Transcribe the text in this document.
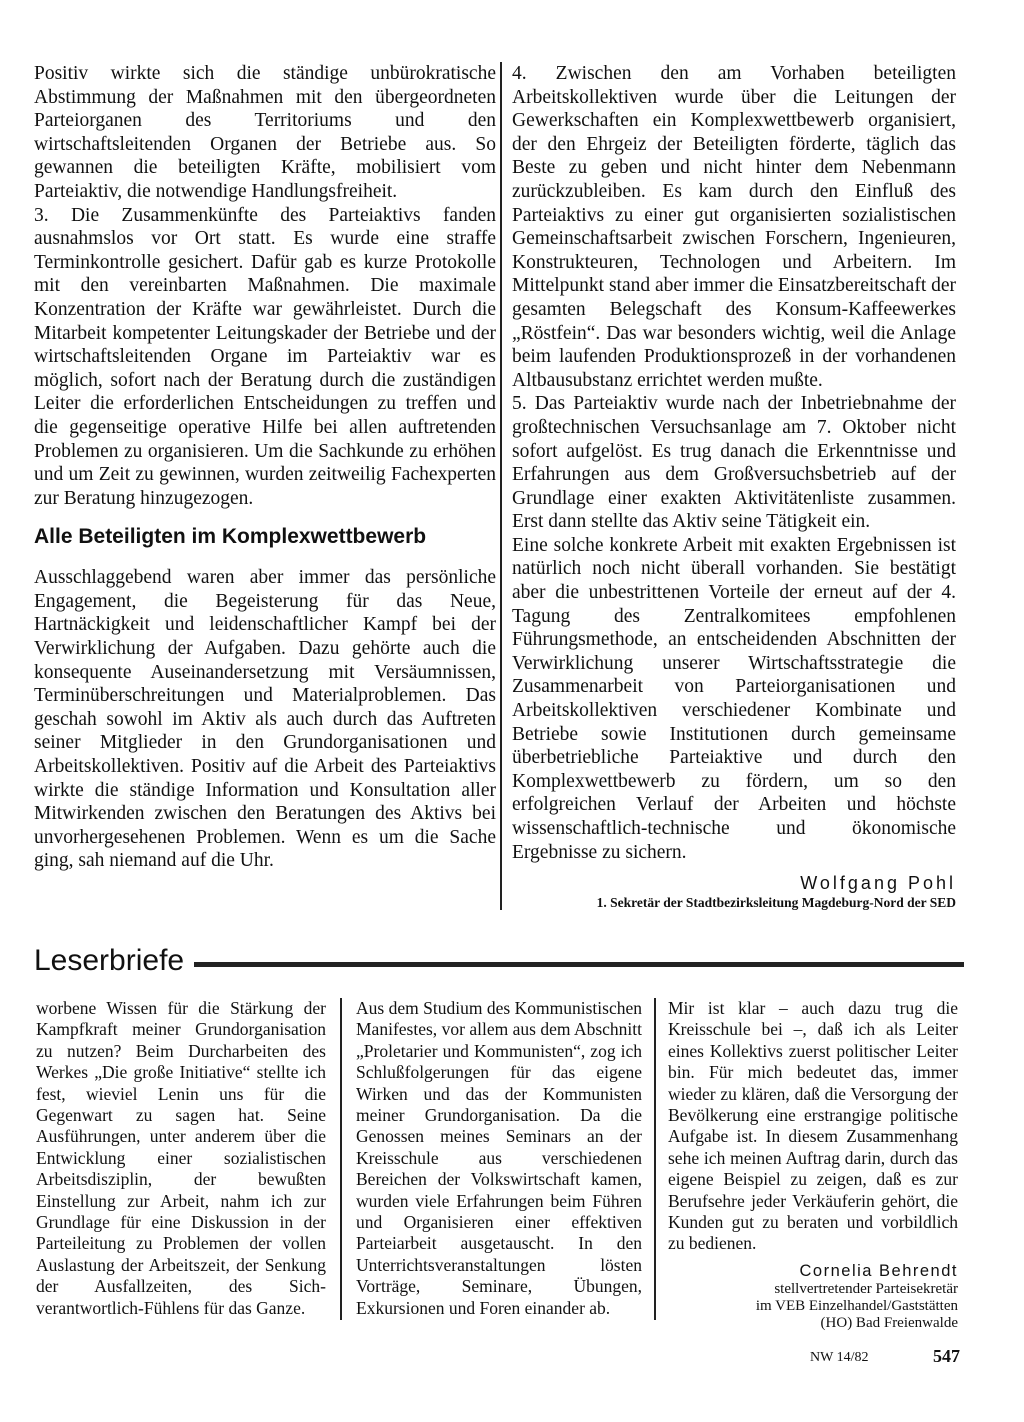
Positiv wirkte sich die ständige unbürokratische Abstimmung der Maßnahmen mit den übergeordneten Parteiorganen des Territoriums und den wirtschaftsleitenden Organen der Betriebe aus. So gewannen die beteiligten Kräfte, mobilisiert vom Parteiaktiv, die notwendige Handlungsfreiheit.

3. Die Zusammenkünfte des Parteiaktivs fanden ausnahmslos vor Ort statt. Es wurde eine straffe Terminkontrolle gesichert. Dafür gab es kurze Protokolle mit den vereinbarten Maßnahmen. Die maximale Konzentration der Kräfte war gewährleistet. Durch die Mitarbeit kompetenter Leitungskader der Betriebe und der wirtschaftsleitenden Organe im Parteiaktiv war es möglich, sofort nach der Beratung durch die zuständigen Leiter die erforderlichen Entscheidungen zu treffen und die gegenseitige operative Hilfe bei allen auftretenden Problemen zu organisieren. Um die Sachkunde zu erhöhen und um Zeit zu gewinnen, wurden zeitweilig Fachexperten zur Beratung hinzugezogen.

Alle Beteiligten im Komplexwettbewerb

Ausschlaggebend waren aber immer das persönliche Engagement, die Begeisterung für das Neue, Hartnäckigkeit und leidenschaftlicher Kampf bei der Verwirklichung der Aufgaben. Dazu gehörte auch die konsequente Auseinandersetzung mit Versäumnissen, Terminüberschreitungen und Materialproblemen. Das geschah sowohl im Aktiv als auch durch das Auftreten seiner Mitglieder in den Grundorganisationen und Arbeitskollektiven. Positiv auf die Arbeit des Parteiaktivs wirkte die ständige Information und Konsultation aller Mitwirkenden zwischen den Beratungen des Aktivs bei unvorhergesehenen Problemen. Wenn es um die Sache ging, sah niemand auf die Uhr.

4. Zwischen den am Vorhaben beteiligten Arbeitskollektiven wurde über die Leitungen der Gewerkschaften ein Komplexwettbewerb organisiert, der den Ehrgeiz der Beteiligten förderte, täglich das Beste zu geben und nicht hinter dem Nebenmann zurückzubleiben. Es kam durch den Einfluß des Parteiaktivs zu einer gut organisierten sozialistischen Gemeinschaftsarbeit zwischen Forschern, Ingenieuren, Konstrukteuren, Technologen und Arbeitern. Im Mittelpunkt stand aber immer die Einsatzbereitschaft der gesamten Belegschaft des Konsum-Kaffeewerkes „Röstfein“. Das war besonders wichtig, weil die Anlage beim laufenden Produktionsprozeß in der vorhandenen Altbausubstanz errichtet werden mußte.

5. Das Parteiaktiv wurde nach der Inbetriebnahme der großtechnischen Versuchsanlage am 7. Oktober nicht sofort aufgelöst. Es trug danach die Erkenntnisse und Erfahrungen aus dem Großversuchsbetrieb auf der Grundlage einer exakten Aktivitätenliste zusammen. Erst dann stellte das Aktiv seine Tätigkeit ein.

Eine solche konkrete Arbeit mit exakten Ergebnissen ist natürlich noch nicht überall vorhanden. Sie bestätigt aber die unbestrittenen Vorteile der erneut auf der 4. Tagung des Zentralkomitees empfohlenen Führungsmethode, an entscheidenden Abschnitten der Verwirklichung unserer Wirtschaftsstrategie die Zusammenarbeit von Parteiorganisationen und Arbeitskollektiven verschiedener Kombinate und Betriebe sowie Institutionen durch gemeinsame überbetriebliche Parteiaktive und durch den Komplexwettbewerb zu fördern, um so den erfolgreichen Verlauf der Arbeiten und höchste wissenschaftlich-technische und ökonomische Ergebnisse zu sichern.

Wolfgang Pohl
1. Sekretär der Stadtbezirksleitung Magdeburg-Nord der SED
Leserbriefe

worbene Wissen für die Stärkung der Kampfkraft meiner Grundorganisation zu nutzen? Beim Durcharbeiten des Werkes „Die große Initiative“ stellte ich fest, wieviel Lenin uns für die Gegenwart zu sagen hat. Seine Ausführungen, unter anderem über die Entwicklung einer sozialistischen Arbeitsdisziplin, der bewußten Einstellung zur Arbeit, nahm ich zur Grundlage für eine Diskussion in der Parteileitung zu Problemen der vollen Auslastung der Arbeitszeit, der Senkung der Ausfallzeiten, des Sich-verantwortlich-Fühlens für das Ganze.

Aus dem Studium des Kommunistischen Manifestes, vor allem aus dem Abschnitt „Proletarier und Kommunisten“, zog ich Schlußfolgerungen für das eigene Wirken und das der Kommunisten meiner Grundorganisation. Da die Genossen meines Seminars an der Kreisschule aus verschiedenen Bereichen der Volkswirtschaft kamen, wurden viele Erfahrungen beim Führen und Organisieren einer effektiven Parteiarbeit ausgetauscht. In den Unterrichtsveranstaltungen lösten Vorträge, Seminare, Übungen, Exkursionen und Foren einander ab.

Mir ist klar – auch dazu trug die Kreisschule bei –, daß ich als Leiter eines Kollektivs zuerst politischer Leiter bin. Für mich bedeutet das, immer wieder zu klären, daß die Versorgung der Bevölkerung eine erstrangige politische Aufgabe ist. In diesem Zusammenhang sehe ich meinen Auftrag darin, durch das eigene Beispiel zu zeigen, daß es zur Berufsehre jeder Verkäuferin gehört, die Kunden gut zu beraten und vorbildlich zu bedienen.

Cornelia Behrendt
stellvertretender Parteisekretär
im VEB Einzelhandel/Gaststätten
(HO) Bad Freienwalde
NW 14/82	547
